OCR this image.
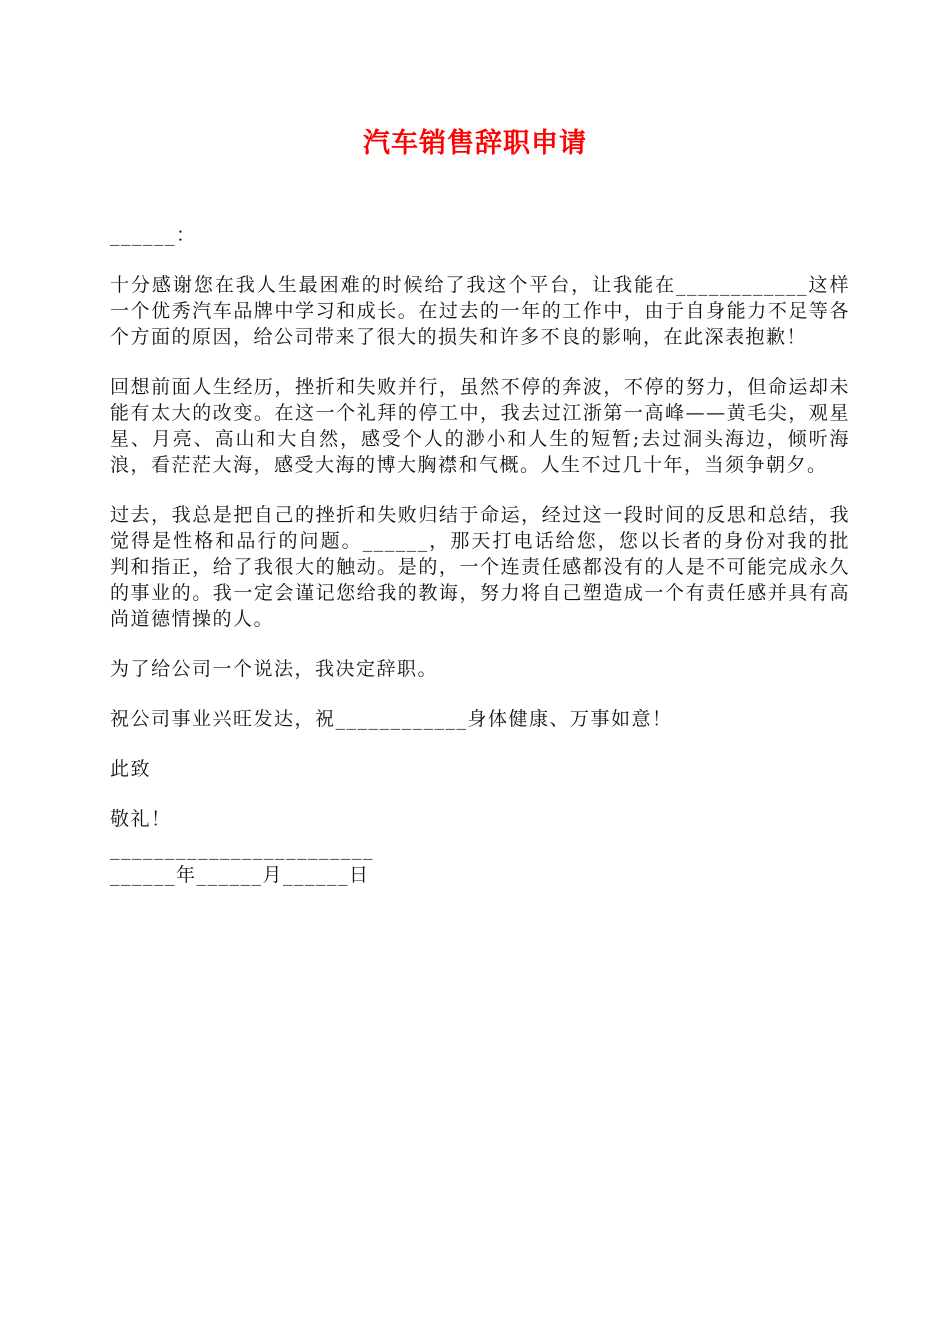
汽车销售辞职申请

______：

十分感谢您在我人生最困难的时候给了我这个平台，让我能在____________这样一个优秀汽车品牌中学习和成长。在过去的一年的工作中，由于自身能力不足等各个方面的原因，给公司带来了很大的损失和许多不良的影响，在此深表抱歉！

回想前面人生经历，挫折和失败并行，虽然不停的奔波，不停的努力，但命运却未能有太大的改变。在这一个礼拜的停工中，我去过江浙第一高峰——黄毛尖，观星星、月亮、高山和大自然，感受个人的渺小和人生的短暂;去过洞头海边，倾听海浪，看茫茫大海，感受大海的博大胸襟和气概。人生不过几十年，当须争朝夕。

过去，我总是把自己的挫折和失败归结于命运，经过这一段时间的反思和总结，我觉得是性格和品行的问题。______，那天打电话给您，您以长者的身份对我的批判和指正，给了我很大的触动。是的，一个连责任感都没有的人是不可能完成永久的事业的。我一定会谨记您给我的教诲，努力将自己塑造成一个有责任感并具有高尚道德情操的人。

为了给公司一个说法，我决定辞职。

祝公司事业兴旺发达，祝____________身体健康、万事如意！

此致

敬礼！

________________________

______年______月______日
